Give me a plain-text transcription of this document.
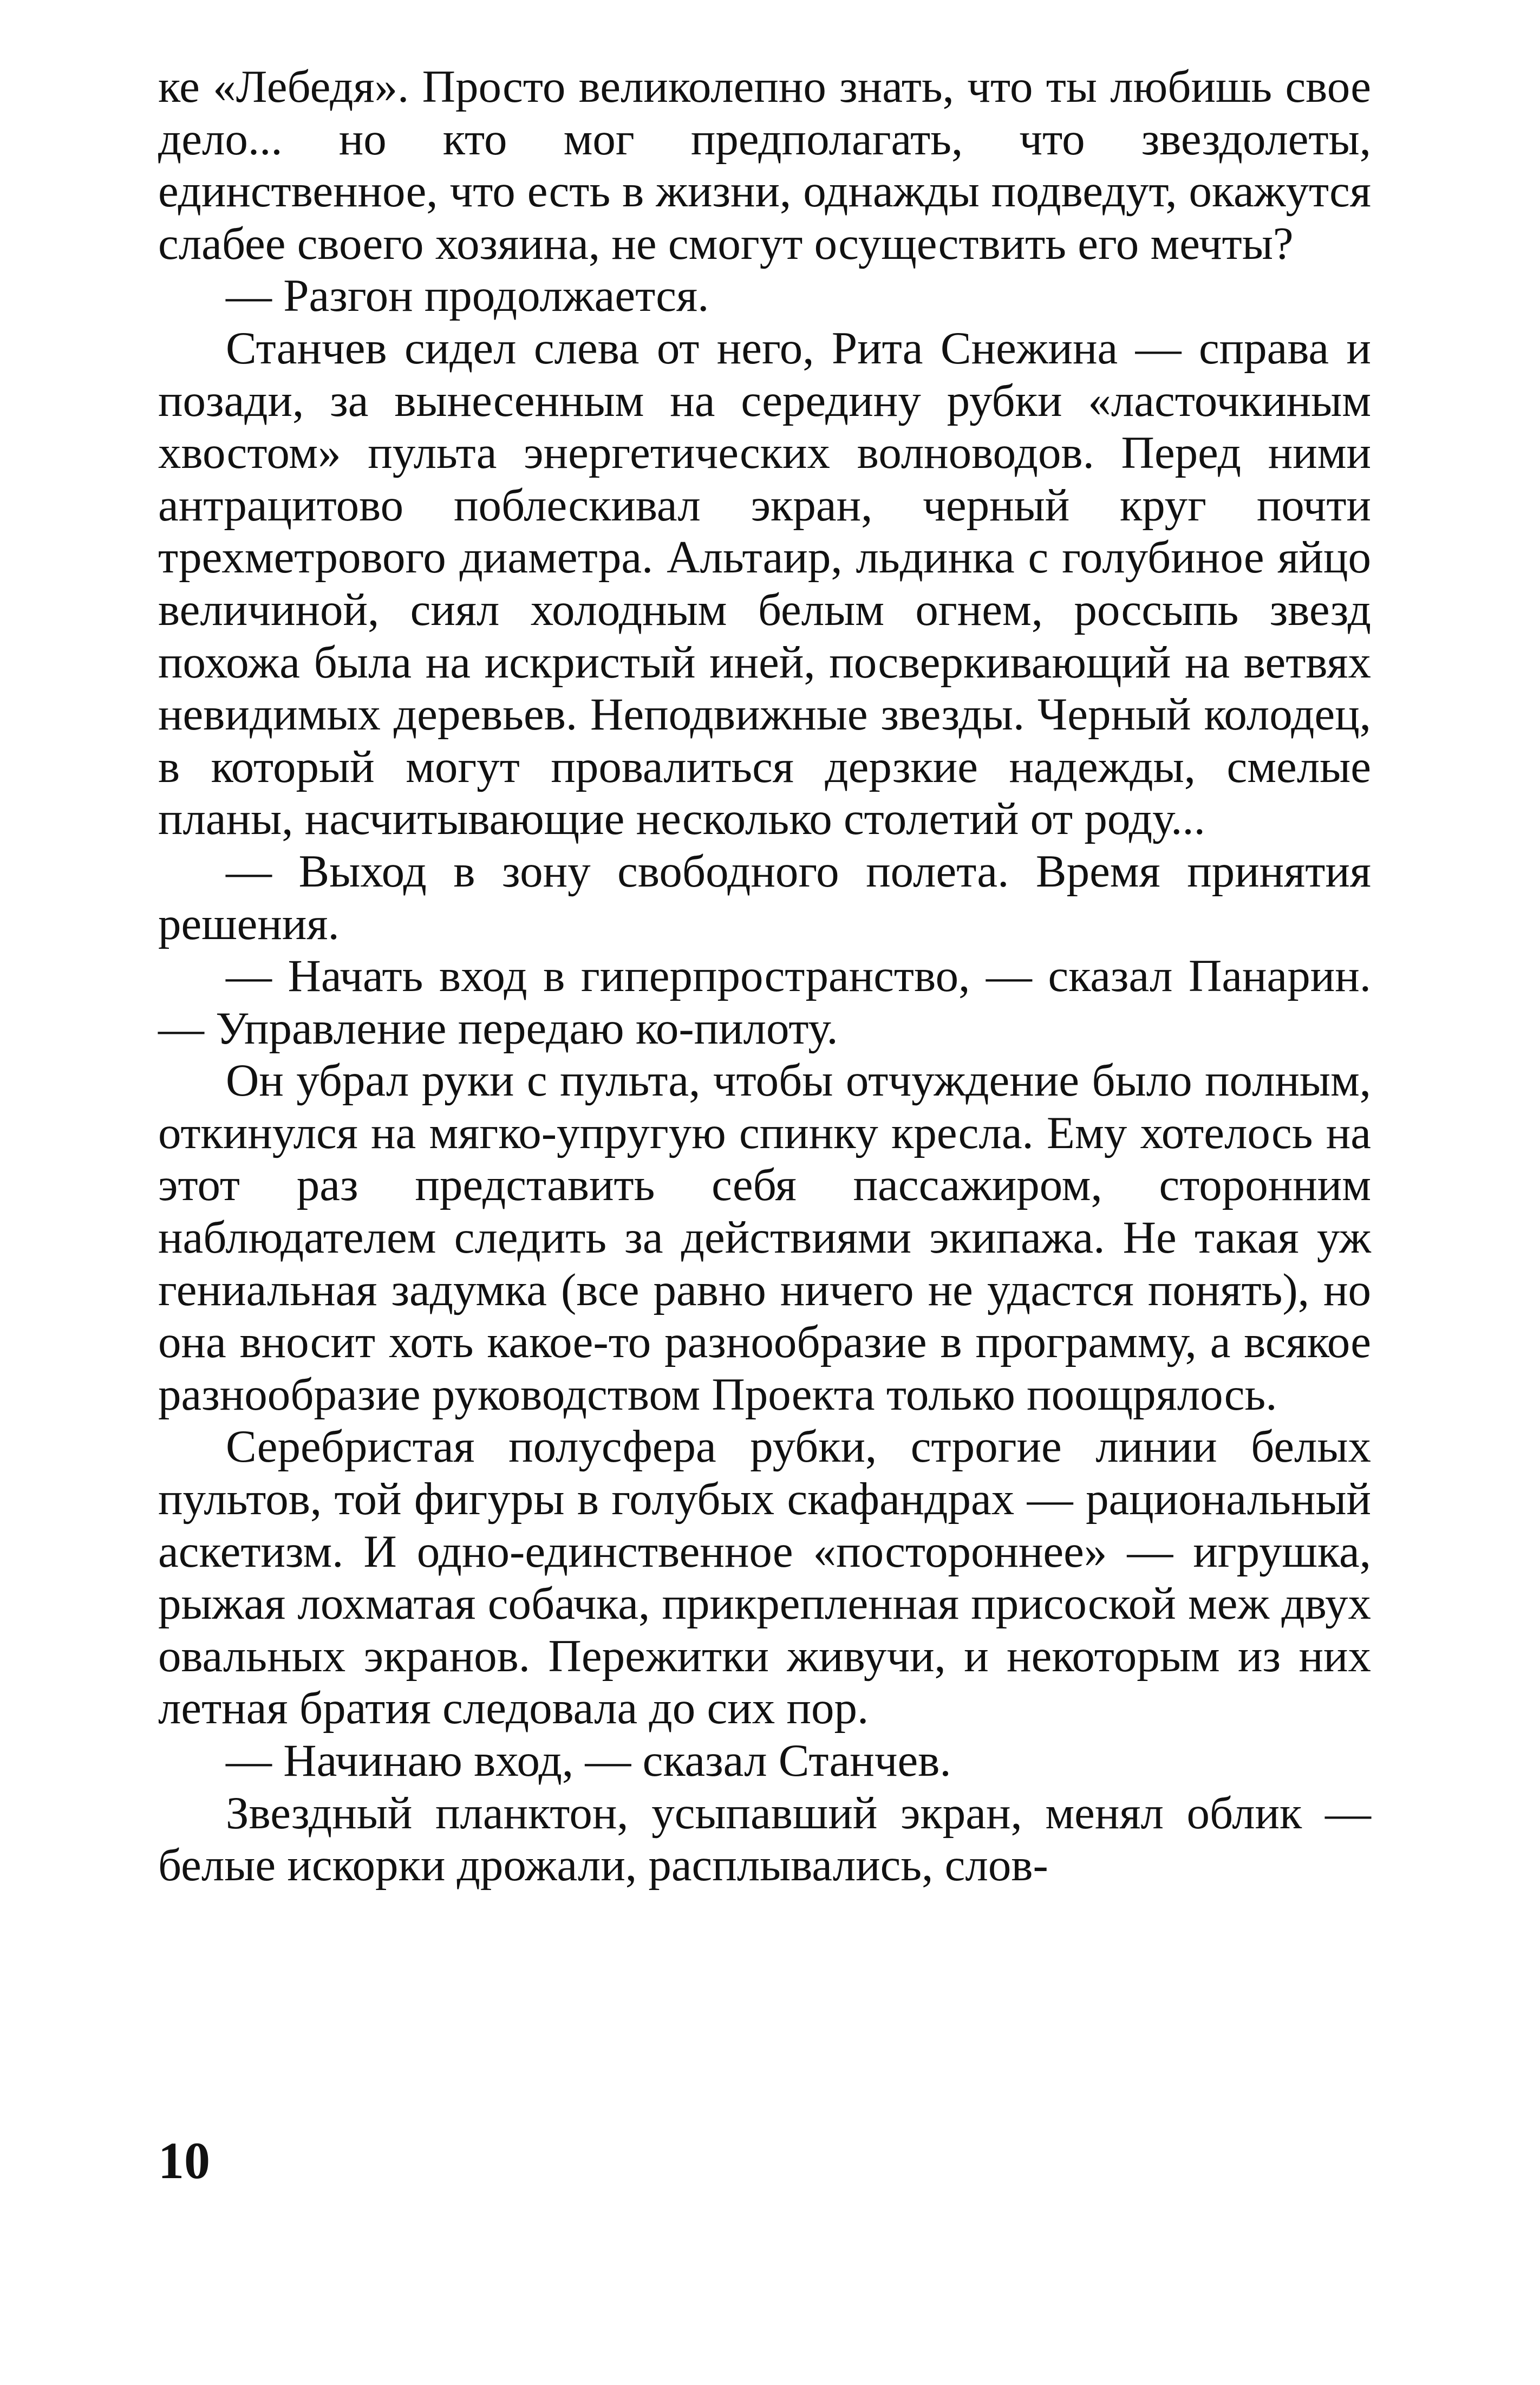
ке «Лебедя». Просто великолепно знать, что ты любишь свое дело... но кто мог предполагать, что звездолеты, единственное, что есть в жизни, однажды подведут, окажутся слабее своего хозяина, не смогут осуществить его мечты?

— Разгон продолжается.

Станчев сидел слева от него, Рита Снежина — справа и позади, за вынесенным на середину рубки «ласточкиным хвостом» пульта энергетических волноводов. Перед ними антрацитово поблескивал экран, черный круг почти трехметрового диаметра. Альтаир, льдинка с голубиное яйцо величиной, сиял холодным белым огнем, россыпь звезд похожа была на искристый иней, посверкивающий на ветвях невидимых деревьев. Неподвижные звезды. Черный колодец, в который могут провалиться дерзкие надежды, смелые планы, насчитывающие несколько столетий от роду...

— Выход в зону свободного полета. Время принятия решения.

— Начать вход в гиперпространство, — сказал Панарин. — Управление передаю ко-пилоту.

Он убрал руки с пульта, чтобы отчуждение было полным, откинулся на мягко-упругую спинку кресла. Ему хотелось на этот раз представить себя пассажиром, сторонним наблюдателем следить за действиями экипажа. Не такая уж гениальная задумка (все равно ничего не удастся понять), но она вносит хоть какое-то разнообразие в программу, а всякое разнообразие руководством Проекта только поощрялось.

Серебристая полусфера рубки, строгие линии белых пультов, той фигуры в голубых скафандрах — рациональный аскетизм. И одно-единственное «постороннее» — игрушка, рыжая лохматая собачка, прикрепленная присоской меж двух овальных экранов. Пережитки живучи, и некоторым из них летная братия следовала до сих пор.

— Начинаю вход, — сказал Станчев.

Звездный планктон, усыпавший экран, менял облик — белые искорки дрожали, расплывались, слов-

10
